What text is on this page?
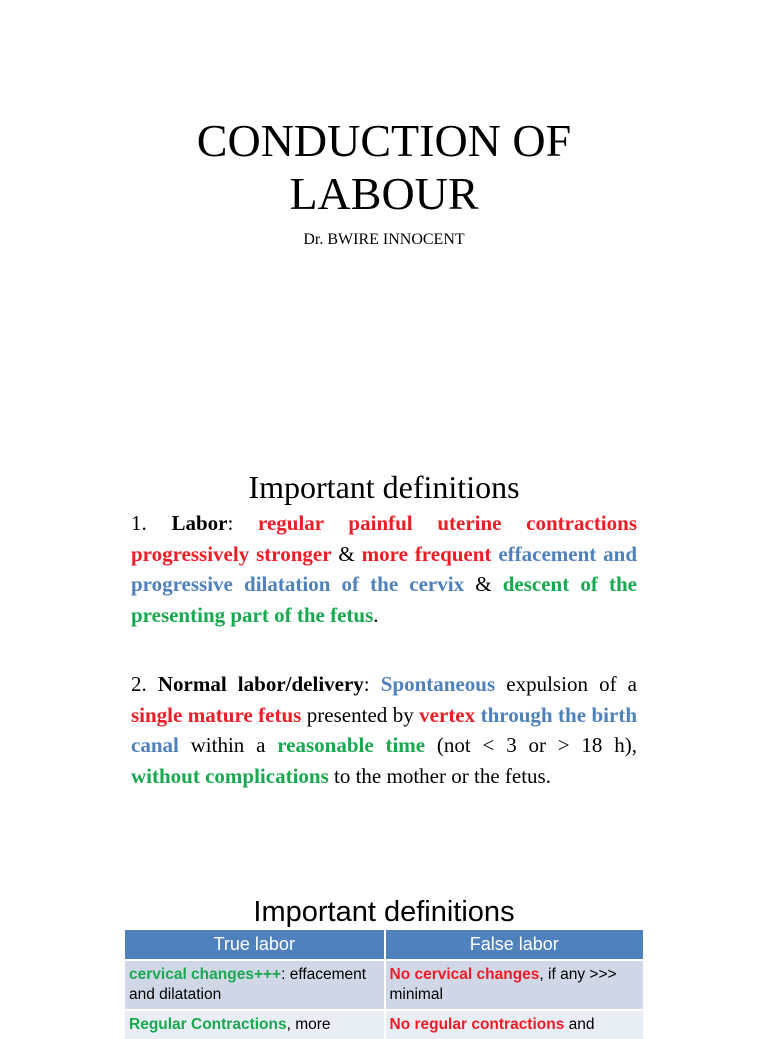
CONDUCTION OF
LABOUR
Dr. BWIRE INNOCENT
Important definitions
1. Labor: regular painful uterine contractions progressively stronger & more frequent effacement and progressive dilatation of the cervix & descent of the presenting part of the fetus.
2. Normal labor/delivery: Spontaneous expulsion of a single mature fetus presented by vertex through the birth canal within a reasonable time (not < 3 or > 18 h), without complications to the mother or the fetus.
Important definitions
True labor	False labor
cervical changes+++: effacement and dilatation	No cervical changes, if any >>> minimal
Regular Contractions, more	No regular contractions and
